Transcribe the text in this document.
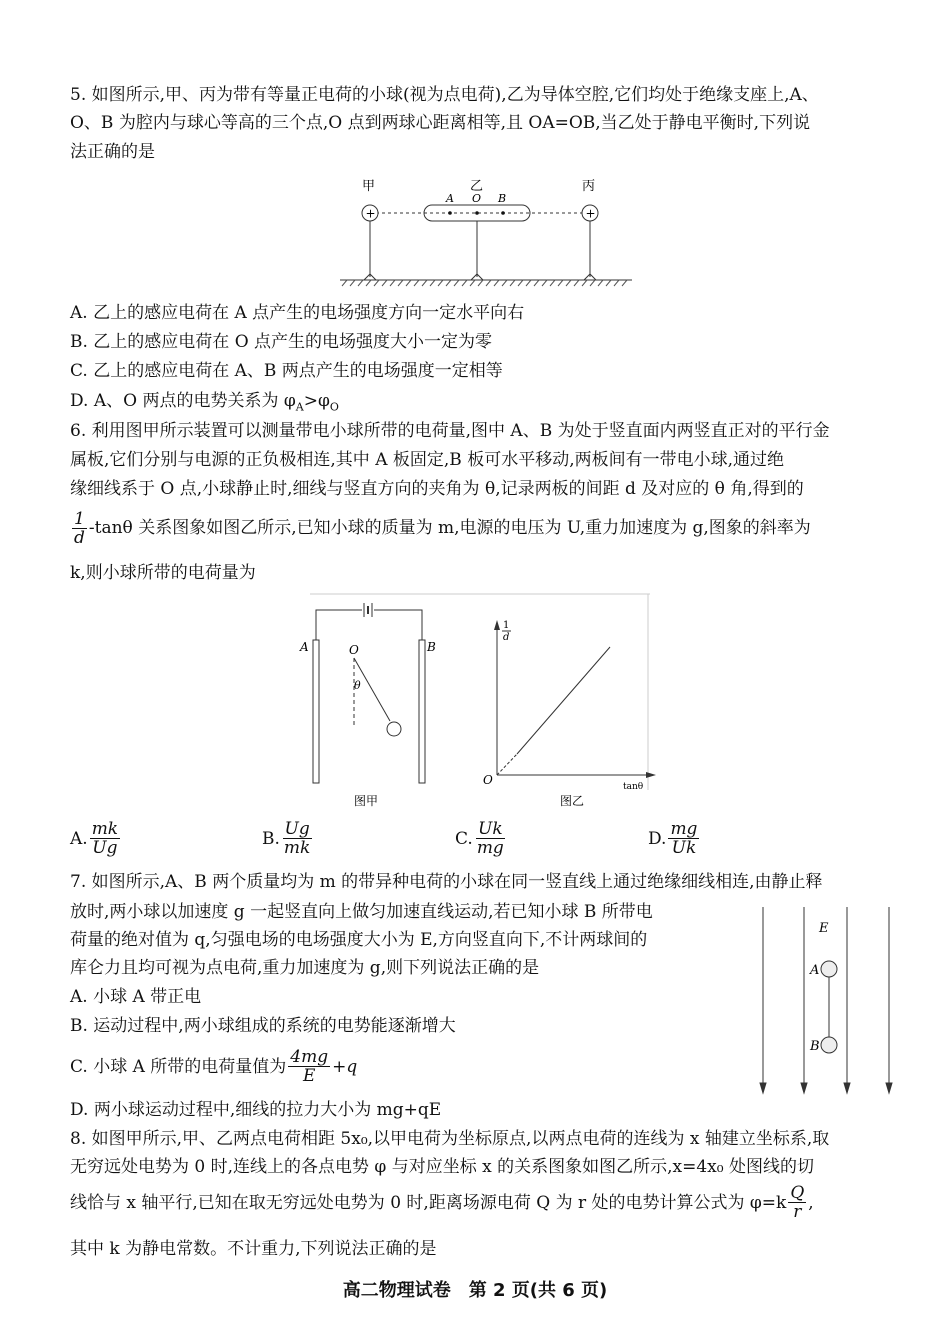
5. 如图所示,甲、丙为带有等量正电荷的小球(视为点电荷),乙为导体空腔,它们均处于绝缘支座上,A、
O、B 为腔内与球心等高的三个点,O 点到两球心距离相等,且 OA=OB,当乙处于静电平衡时,下列说
法正确的是
甲	乙	丙
+	+
A O B
A. 乙上的感应电荷在 A 点产生的电场强度方向一定水平向右
B. 乙上的感应电荷在 O 点产生的电场强度大小一定为零
C. 乙上的感应电荷在 A、B 两点产生的电场强度一定相等
D. A、O 两点的电势关系为 $\varphi_A>\varphi_O$
6. 利用图甲所示装置可以测量带电小球所带的电荷量,图中 A、B 为处于竖直面内两竖直正对的平行金
属板,它们分别与电源的正负极相连,其中 A 板固定,B 板可水平移动,两板间有一带电小球,通过绝
缘细线系于 O 点,小球静止时,细线与竖直方向的夹角为 θ,记录两板的间距 d 及对应的 θ 角,得到的
$\frac{1}{d} -\tan\theta$ 关系图象如图乙所示,已知小球的质量为 m,电源的电压为 U,重力加速度为 g,图象的斜率为
k,则小球所带的电荷量为
A	B
O
θ
图甲
1
d
O	tanθ
图乙
A. $\frac{mk}{Ug}$	B. $\frac{Ug}{mk}$	C. $\frac{Uk}{mg}$	D. $\frac{mg}{Uk}$
7. 如图所示,A、B 两个质量均为 m 的带异种电荷的小球在同一竖直线上通过绝缘细线相连,由静止释
放时,两小球以加速度 g 一起竖直向上做匀加速直线运动,若已知小球 B 所带电
荷量的绝对值为 q,匀强电场的电场强度大小为 E,方向竖直向下,不计两球间的
库仑力且均可视为点电荷,重力加速度为 g,则下列说法正确的是
A. 小球 A 带正电
B. 运动过程中,两小球组成的系统的电势能逐渐增大
C. 小球 A 所带的电荷量值为 $\frac{4mg}{E} +q$
D. 两小球运动过程中,细线的拉力大小为 mg+qE
E
A
B
8. 如图甲所示,甲、乙两点电荷相距 5x₀,以甲电荷为坐标原点,以两点电荷的连线为 x 轴建立坐标系,取
无穷远处电势为 0 时,连线上的各点电势 φ 与对应坐标 x 的关系图象如图乙所示,x=4x₀ 处图线的切
线恰与 x 轴平行,已知在取无穷远处电势为 0 时,距离场源电荷 Q 为 r 处的电势计算公式为 $\varphi=k \frac{Q}{r}$ ,
其中 k 为静电常数。不计重力,下列说法正确的是
高二物理试卷　第 2 页(共 6 页)
